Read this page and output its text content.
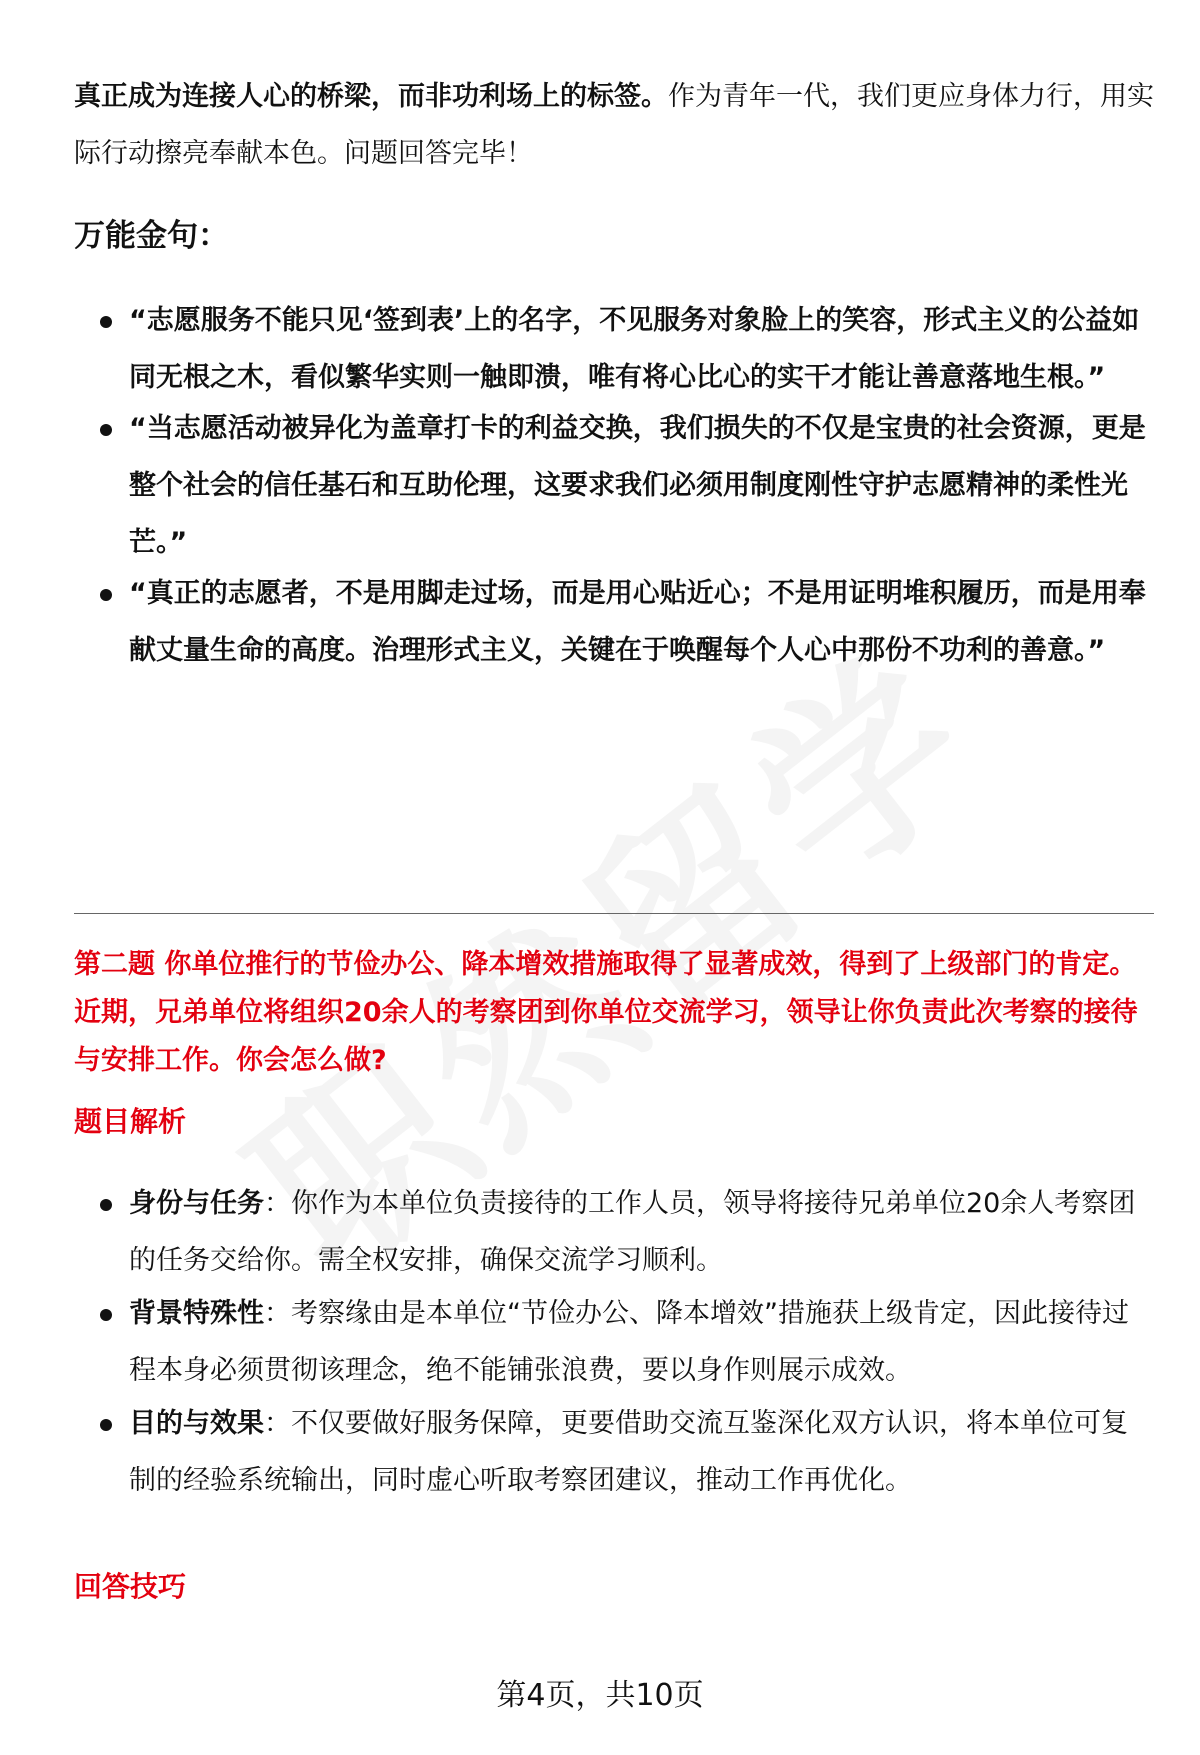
真正成为连接人心的桥梁，而非功利场上的标签。作为青年一代，我们更应身体力行，用实际行动擦亮奉献本色。问题回答完毕！

万能金句：
“志愿服务不能只见‘签到表’上的名字，不见服务对象脸上的笑容，形式主义的公益如同无根之木，看似繁华实则一触即溃，唯有将心比心的实干才能让善意落地生根。”
“当志愿活动被异化为盖章打卡的利益交换，我们损失的不仅是宝贵的社会资源，更是整个社会的信任基石和互助伦理，这要求我们必须用制度刚性守护志愿精神的柔性光芒。”
“真正的志愿者，不是用脚走过场，而是用心贴近心；不是用证明堆积履历，而是用奉献丈量生命的高度。治理形式主义，关键在于唤醒每个人心中那份不功利的善意。”
第二题 你单位推行的节俭办公、降本增效措施取得了显著成效，得到了上级部门的肯定。近期，兄弟单位将组织20余人的考察团到你单位交流学习，领导让你负责此次考察的接待与安排工作。你会怎么做?
题目解析
身份与任务：你作为本单位负责接待的工作人员，领导将接待兄弟单位20余人考察团的任务交给你。需全权安排，确保交流学习顺利。
背景特殊性：考察缘由是本单位“节俭办公、降本增效”措施获上级肯定，因此接待过程本身必须贯彻该理念，绝不能铺张浪费，要以身作则展示成效。
目的与效果：不仅要做好服务保障，更要借助交流互鉴深化双方认识，将本单位可复制的经验系统输出，同时虚心听取考察团建议，推动工作再优化。
回答技巧
第4页，共10页
